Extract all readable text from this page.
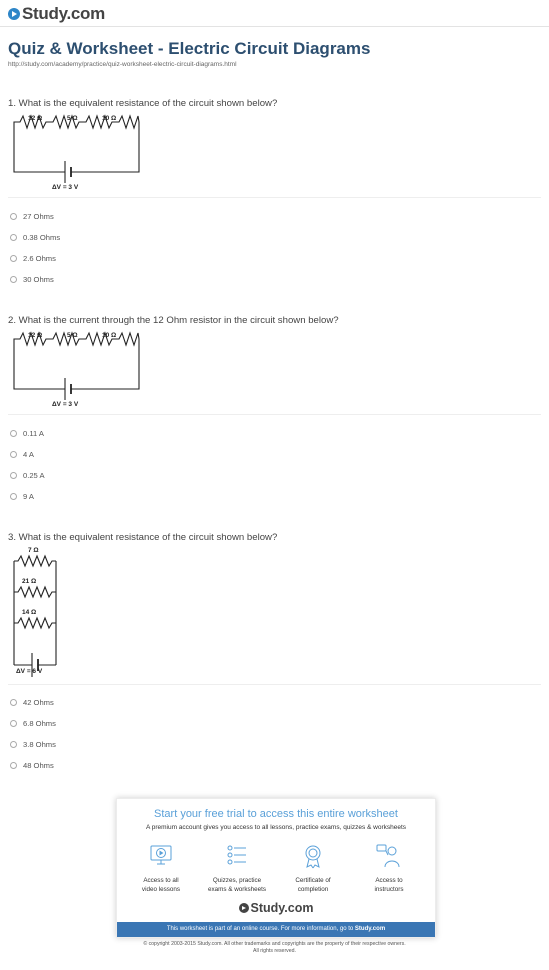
Study.com
Quiz & Worksheet - Electric Circuit Diagrams
http://study.com/academy/practice/quiz-worksheet-electric-circuit-diagrams.html
1. What is the equivalent resistance of the circuit shown below?
12 Ω	5 Ω	10 Ω
ΔV = 3 V
27 Ohms
0.38 Ohms
2.6 Ohms
30 Ohms
2. What is the current through the 12 Ohm resistor in the circuit shown below?
12 Ω	5 Ω	10 Ω
ΔV = 3 V
0.11 A
4 A
0.25 A
9 A
3. What is the equivalent resistance of the circuit shown below?
7 Ω
21 Ω
14 Ω
ΔV = 6 V
42 Ohms
6.8 Ohms
3.8 Ohms
48 Ohms
Start your free trial to access this entire worksheet
A premium account gives you access to all lessons, practice exams, quizzes & worksheets
Access to all
video lessons
Quizzes, practice
exams & worksheets
Certificate of
completion
Access to
instructors
Study.com
This worksheet is part of an online course. For more information, go to Study.com
© copyright 2003-2015 Study.com. All other trademarks and copyrights are the property of their respective owners.
All rights reserved.
